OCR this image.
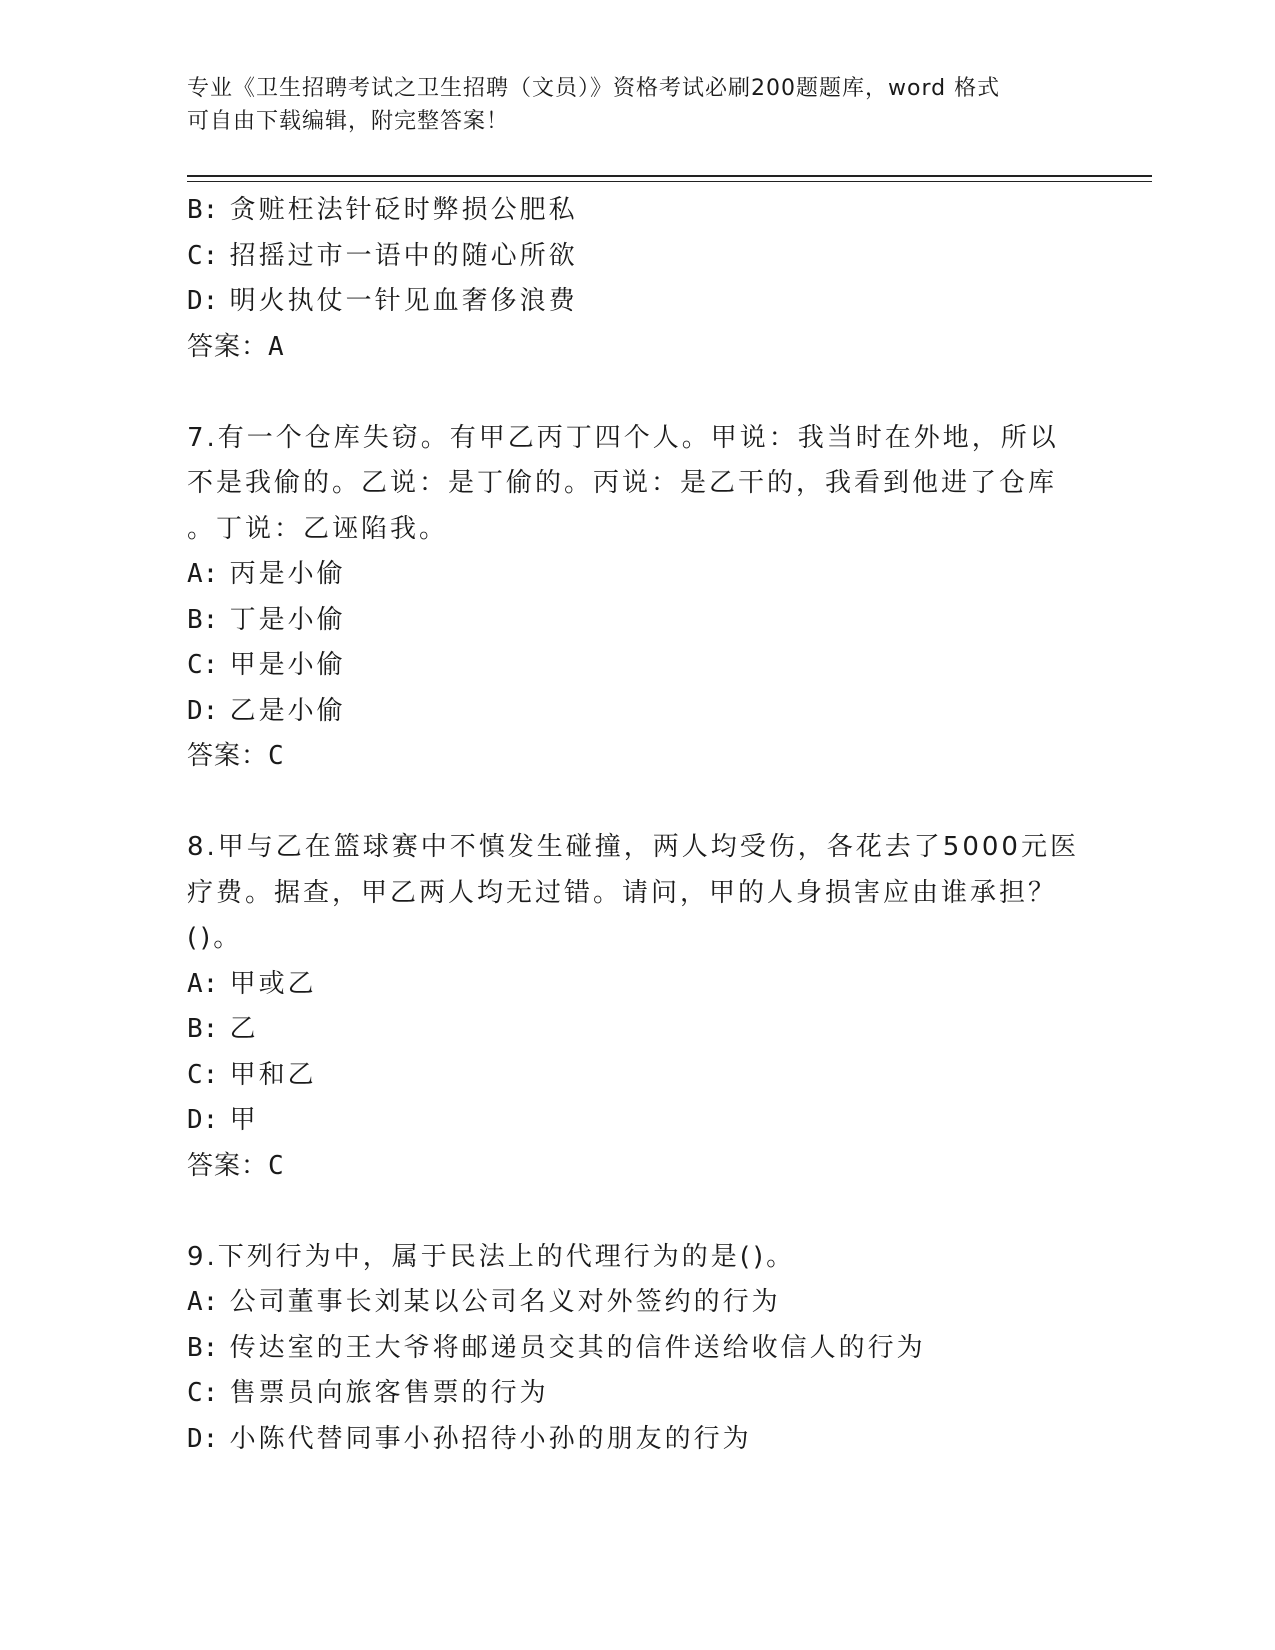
专业《卫生招聘考试之卫生招聘（文员）》资格考试必刷200题题库，word 格式
可自由下载编辑，附完整答案！
B: 贪赃枉法针砭时弊损公肥私
C: 招摇过市一语中的随心所欲
D: 明火执仗一针见血奢侈浪费
答案：A
7.有一个仓库失窃。有甲乙丙丁四个人。甲说：我当时在外地，所以
不是我偷的。乙说：是丁偷的。丙说：是乙干的，我看到他进了仓库
。丁说：乙诬陷我。
A: 丙是小偷
B: 丁是小偷
C: 甲是小偷
D: 乙是小偷
答案：C
8.甲与乙在篮球赛中不慎发生碰撞，两人均受伤，各花去了5000元医
疗费。据查，甲乙两人均无过错。请问，甲的人身损害应由谁承担？
()。
A: 甲或乙
B: 乙
C: 甲和乙
D: 甲
答案：C
9.下列行为中，属于民法上的代理行为的是()。
A: 公司董事长刘某以公司名义对外签约的行为
B: 传达室的王大爷将邮递员交其的信件送给收信人的行为
C: 售票员向旅客售票的行为
D: 小陈代替同事小孙招待小孙的朋友的行为
